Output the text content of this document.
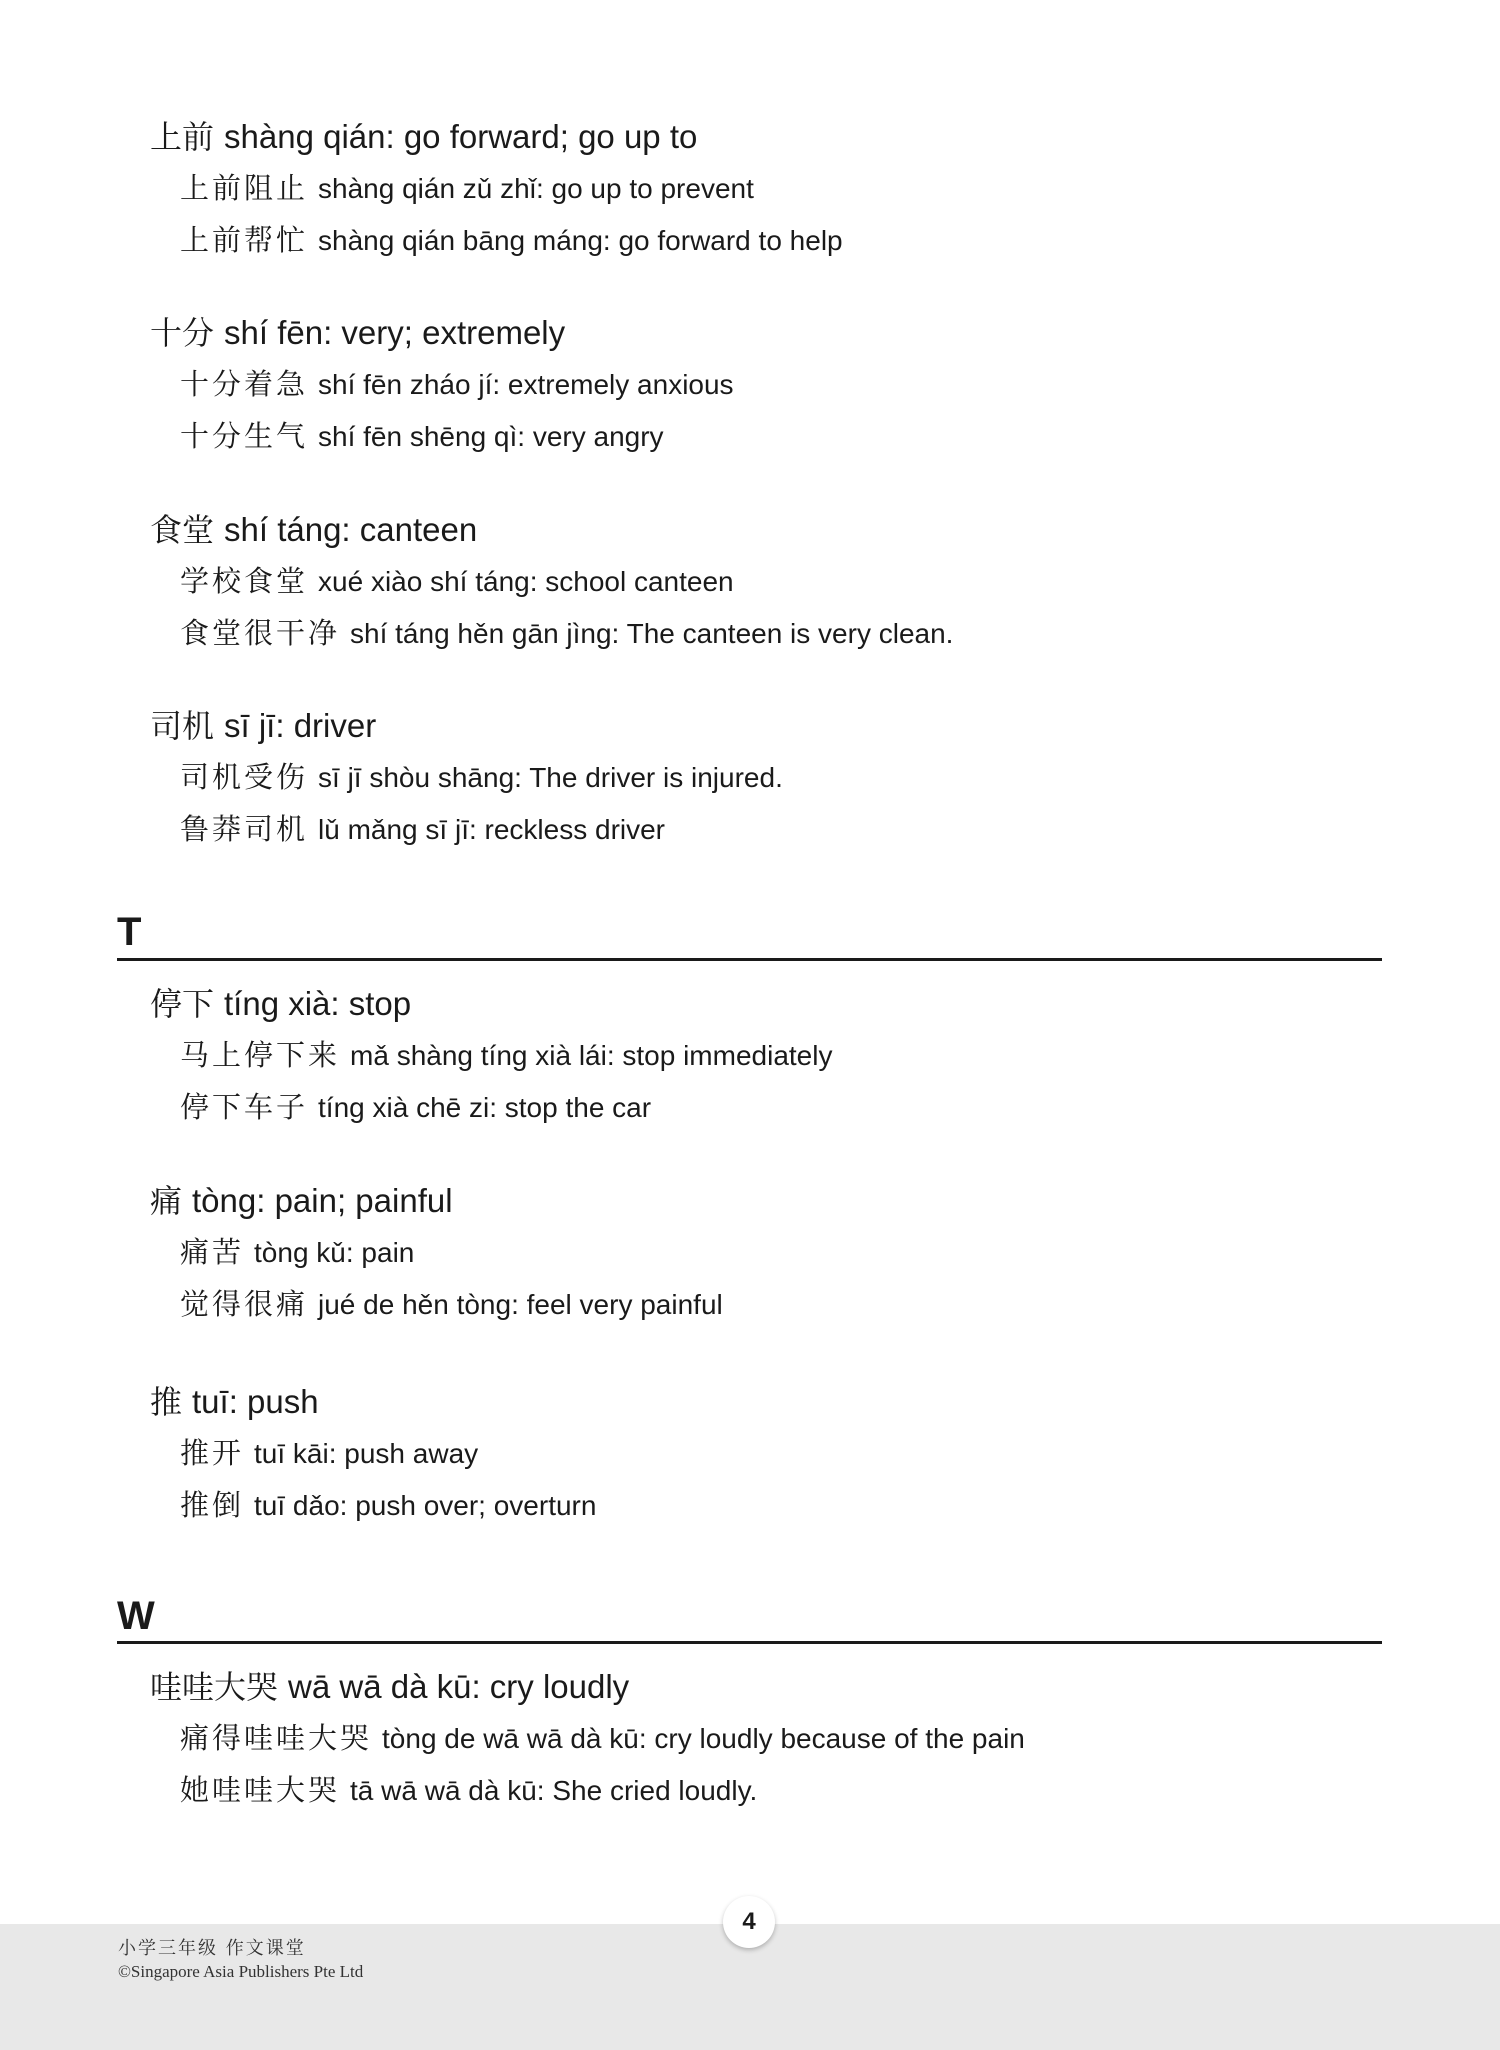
上前 shàng qián: go forward; go up to
上前阻止 shàng qián zǔ zhǐ: go up to prevent
上前帮忙 shàng qián bāng máng: go forward to help
十分 shí fēn: very; extremely
十分着急 shí fēn zháo jí: extremely anxious
十分生气 shí fēn shēng qì: very angry
食堂 shí táng: canteen
学校食堂 xué xiào shí táng: school canteen
食堂很干净 shí táng hěn gān jìng: The canteen is very clean.
司机 sī jī: driver
司机受伤 sī jī shòu shāng: The driver is injured.
鲁莽司机 lǔ mǎng sī jī: reckless driver
T
停下 tíng xià: stop
马上停下来 mǎ shàng tíng xià lái: stop immediately
停下车子 tíng xià chē zi: stop the car
痛 tòng: pain; painful
痛苦 tòng kǔ: pain
觉得很痛 jué de hěn tòng: feel very painful
推 tuī: push
推开 tuī kāi: push away
推倒 tuī dǎo: push over; overturn
W
哇哇大哭 wā wā dà kū: cry loudly
痛得哇哇大哭 tòng de wā wā dà kū: cry loudly because of the pain
她哇哇大哭 tā wā wā dà kū: She cried loudly.
小学三年级 作文课堂
©Singapore Asia Publishers Pte Ltd
4
